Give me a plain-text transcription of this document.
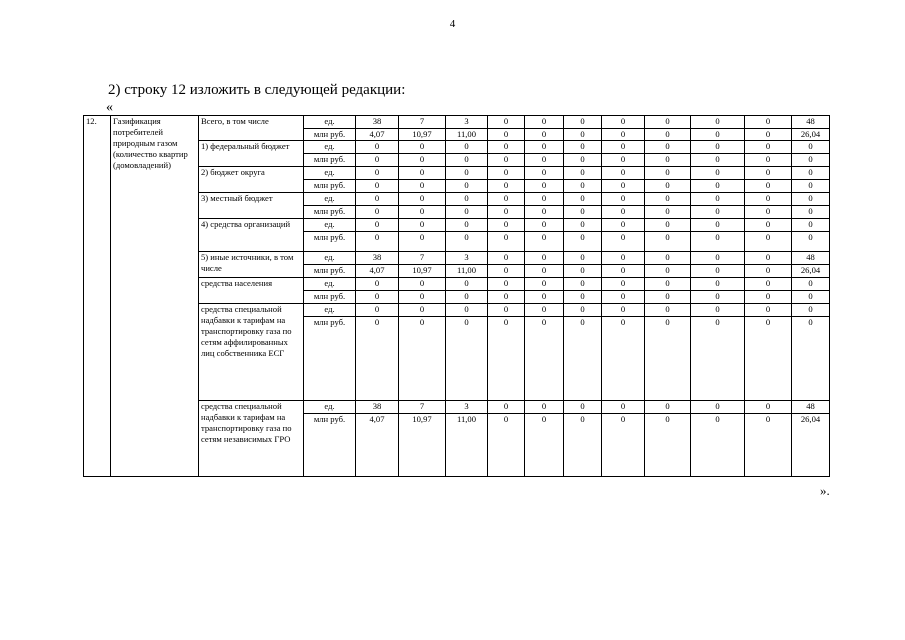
4
2) строку 12 изложить в следующей редакции:
«
12.	Газификация потребителей природным газом (количество квартир (домовладений)	Всего, в том числе	ед.	38	7	3	0	0	0	0	0	0	0	48
			млн руб.	4,07	10,97	11,00	0	0	0	0	0	0	0	26,04
		1) федеральный бюджет	ед.	0	0	0	0	0	0	0	0	0	0	0
			млн руб.	0	0	0	0	0	0	0	0	0	0	0
		2) бюджет округа	ед.	0	0	0	0	0	0	0	0	0	0	0
			млн руб.	0	0	0	0	0	0	0	0	0	0	0
		3) местный бюджет	ед.	0	0	0	0	0	0	0	0	0	0	0
			млн руб.	0	0	0	0	0	0	0	0	0	0	0
		4) средства организаций	ед.	0	0	0	0	0	0	0	0	0	0	0
			млн руб.	0	0	0	0	0	0	0	0	0	0	0
		5) иные источники, в том числе	ед.	38	7	3	0	0	0	0	0	0	0	48
			млн руб.	4,07	10,97	11,00	0	0	0	0	0	0	0	26,04
		средства населения	ед.	0	0	0	0	0	0	0	0	0	0	0
			млн руб.	0	0	0	0	0	0	0	0	0	0	0
		средства специальной надбавки к тарифам на транспортировку газа по сетям аффилированных лиц собственника ЕСГ	ед.	0	0	0	0	0	0	0	0	0	0	0
			млн руб.	0	0	0	0	0	0	0	0	0	0	0
		средства специальной надбавки к тарифам на транспортировку газа по сетям независимых ГРО	ед.	38	7	3	0	0	0	0	0	0	0	48
			млн руб.	4,07	10,97	11,00	0	0	0	0	0	0	0	26,04
».
